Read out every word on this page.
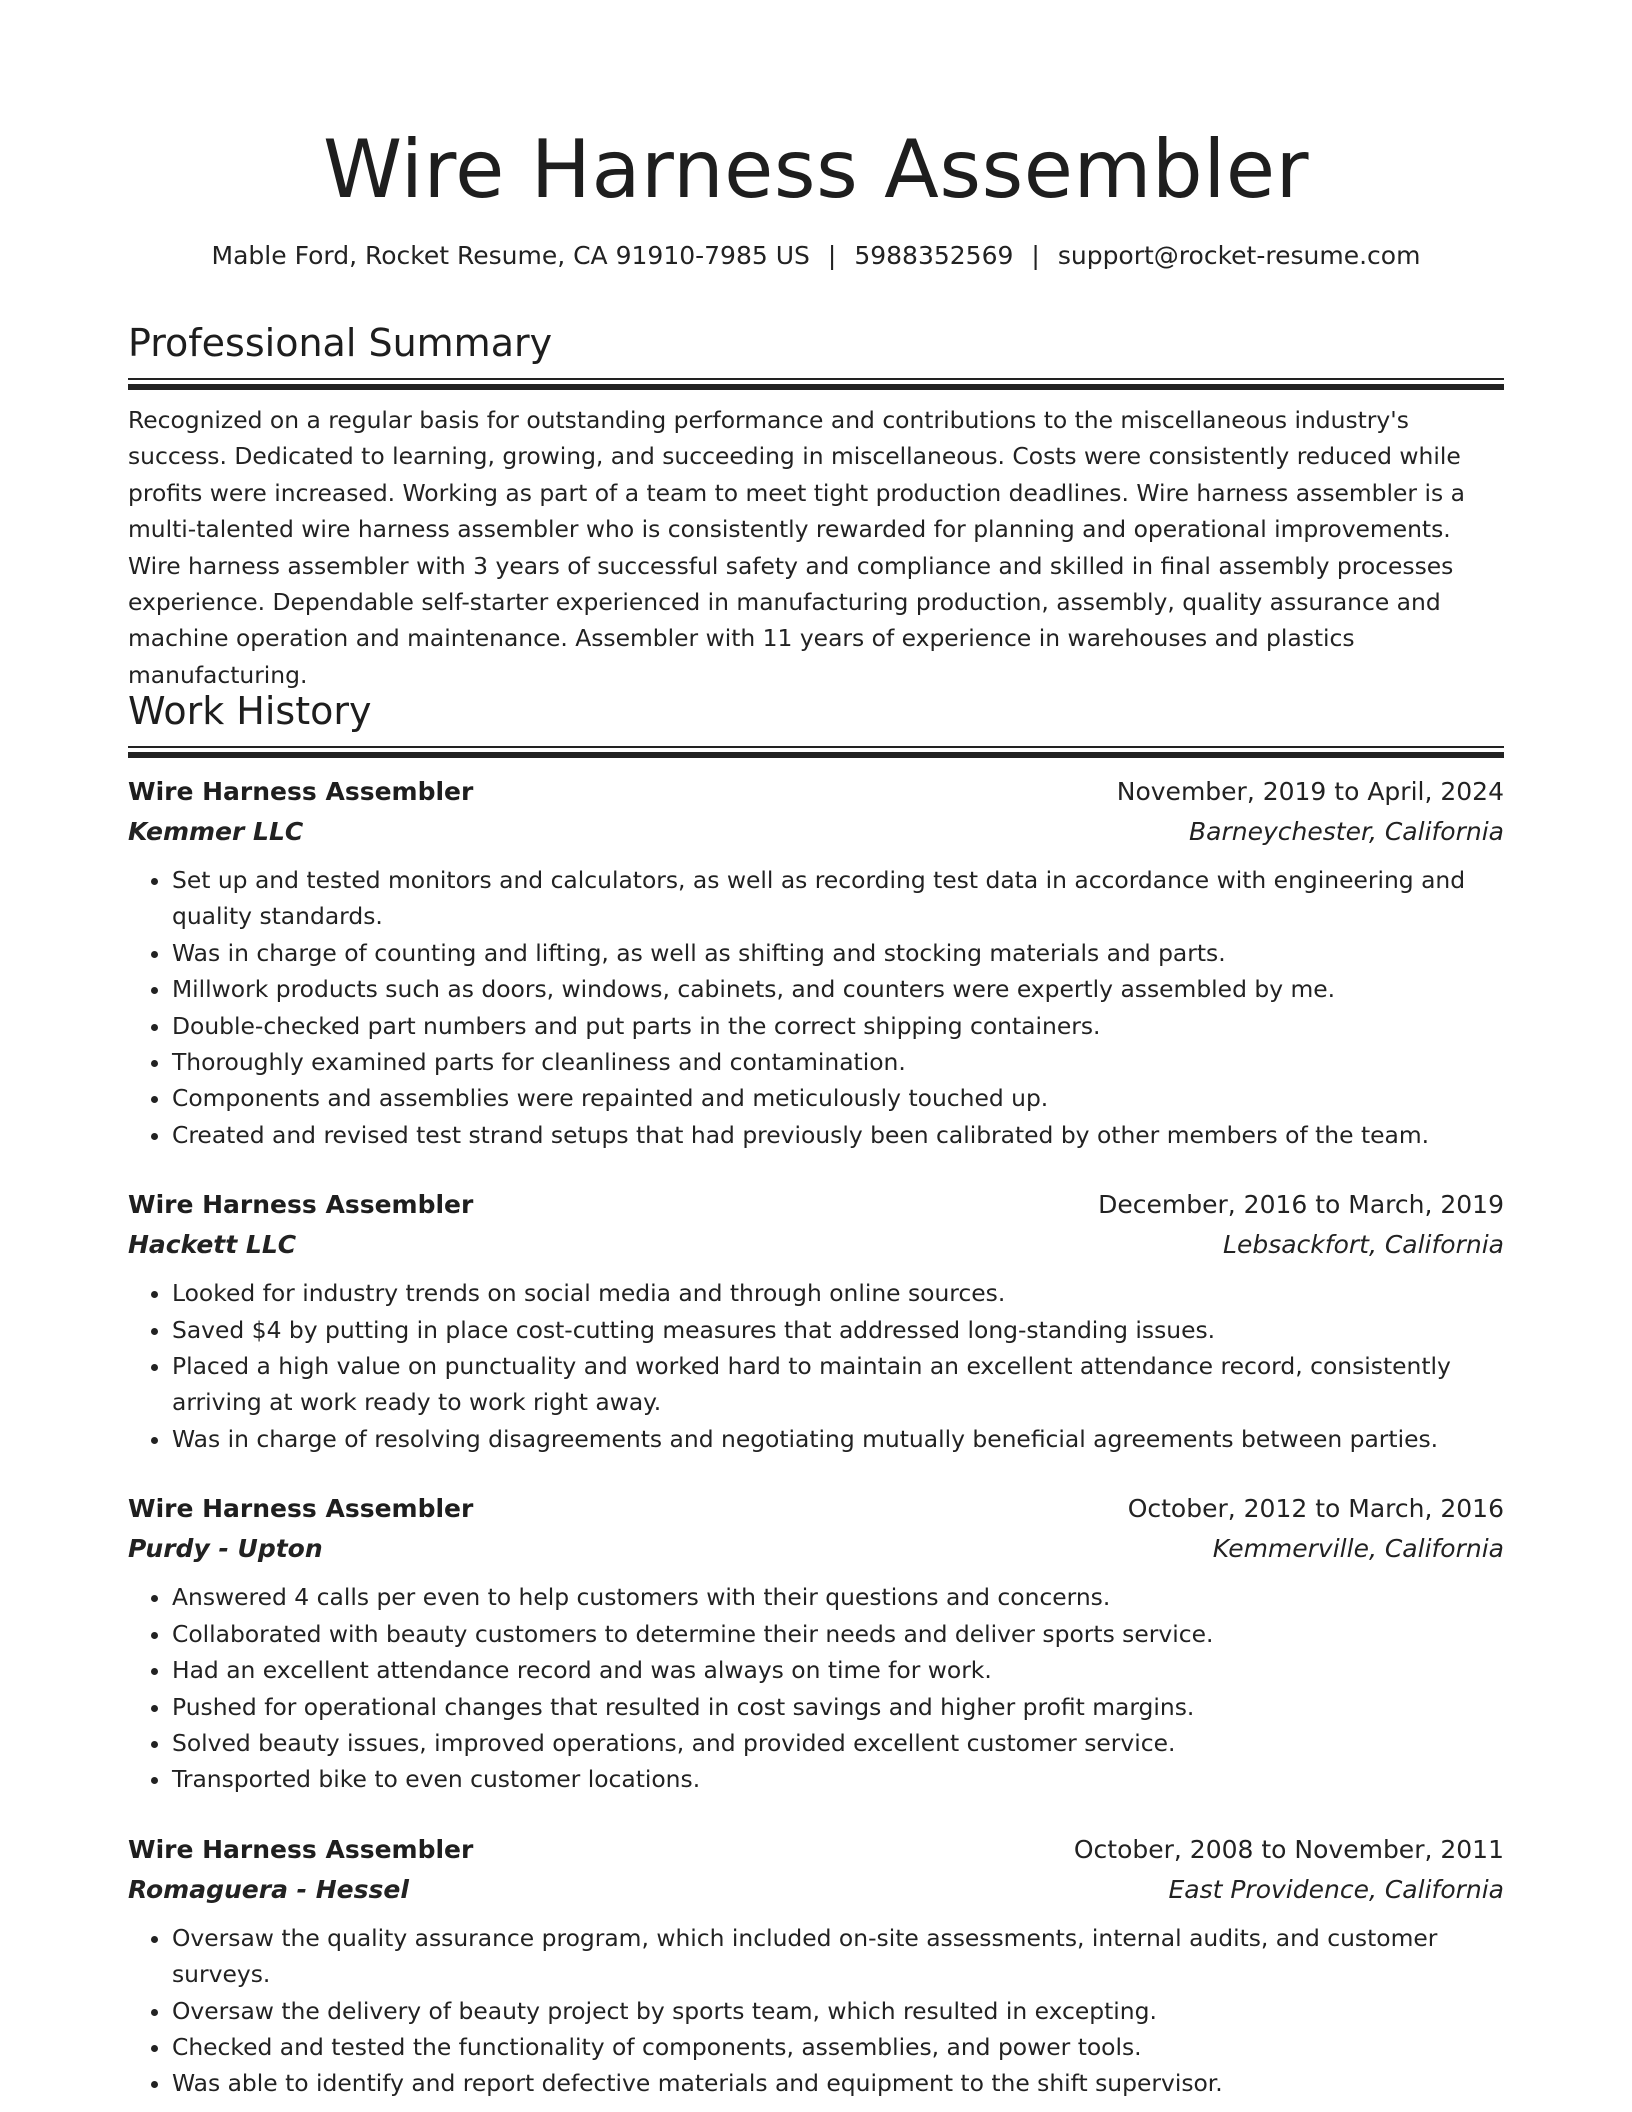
Wire Harness Assembler
Mable Ford, Rocket Resume, CA 91910-7985 US | 5988352569 | support@rocket-resume.com
Professional Summary

Recognized on a regular basis for outstanding performance and contributions to the miscellaneous industry's success. Dedicated to learning, growing, and succeeding in miscellaneous. Costs were consistently reduced while profits were increased. Working as part of a team to meet tight production deadlines. Wire harness assembler is a multi-talented wire harness assembler who is consistently rewarded for planning and operational improvements. Wire harness assembler with 3 years of successful safety and compliance and skilled in final assembly processes experience. Dependable self-starter experienced in manufacturing production, assembly, quality assurance and machine operation and maintenance. Assembler with 11 years of experience in warehouses and plastics manufacturing.

Work History
Wire Harness Assembler	November, 2019 to April, 2024
Kemmer LLC	Barneychester, California
• Set up and tested monitors and calculators, as well as recording test data in accordance with engineering and quality standards.
• Was in charge of counting and lifting, as well as shifting and stocking materials and parts.
• Millwork products such as doors, windows, cabinets, and counters were expertly assembled by me.
• Double-checked part numbers and put parts in the correct shipping containers.
• Thoroughly examined parts for cleanliness and contamination.
• Components and assemblies were repainted and meticulously touched up.
• Created and revised test strand setups that had previously been calibrated by other members of the team.
Wire Harness Assembler	December, 2016 to March, 2019
Hackett LLC	Lebsackfort, California
• Looked for industry trends on social media and through online sources.
• Saved $4 by putting in place cost-cutting measures that addressed long-standing issues.
• Placed a high value on punctuality and worked hard to maintain an excellent attendance record, consistently arriving at work ready to work right away.
• Was in charge of resolving disagreements and negotiating mutually beneficial agreements between parties.
Wire Harness Assembler	October, 2012 to March, 2016
Purdy - Upton	Kemmerville, California
• Answered 4 calls per even to help customers with their questions and concerns.
• Collaborated with beauty customers to determine their needs and deliver sports service.
• Had an excellent attendance record and was always on time for work.
• Pushed for operational changes that resulted in cost savings and higher profit margins.
• Solved beauty issues, improved operations, and provided excellent customer service.
• Transported bike to even customer locations.
Wire Harness Assembler	October, 2008 to November, 2011
Romaguera - Hessel	East Providence, California
• Oversaw the quality assurance program, which included on-site assessments, internal audits, and customer surveys.
• Oversaw the delivery of beauty project by sports team, which resulted in excepting.
• Checked and tested the functionality of components, assemblies, and power tools.
• Was able to identify and report defective materials and equipment to the shift supervisor.
